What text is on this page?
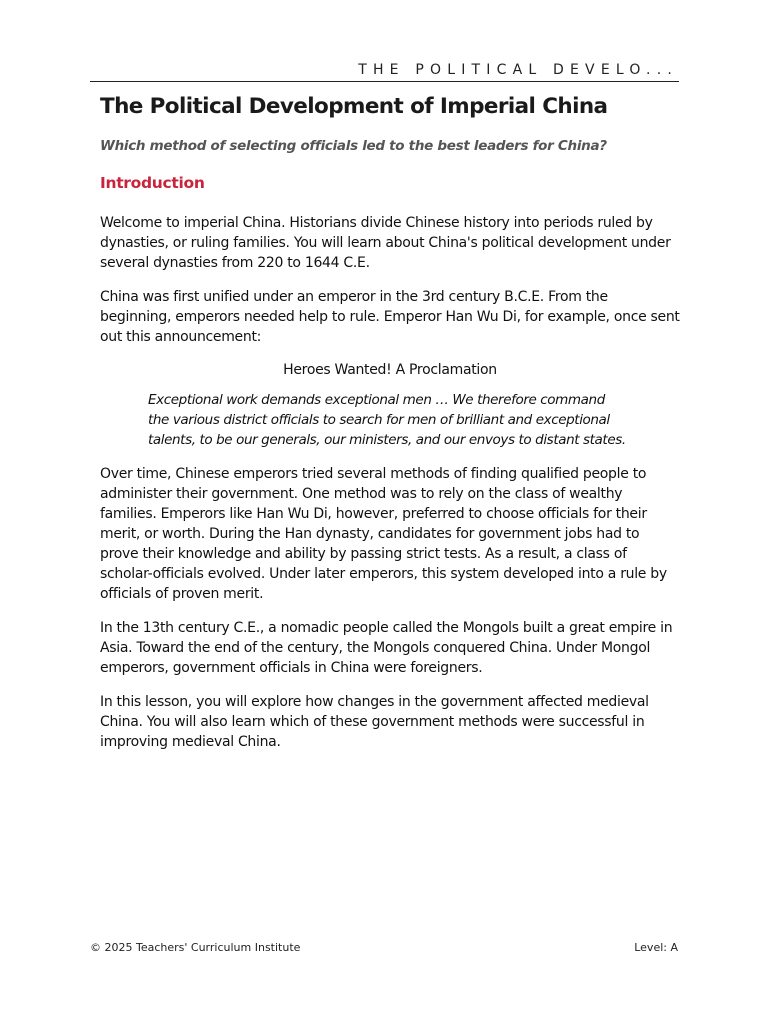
THE POLITICAL DEVELO...
The Political Development of Imperial China

Which method of selecting officials led to the best leaders for China?

Introduction

Welcome to imperial China. Historians divide Chinese history into periods ruled by dynasties, or ruling families. You will learn about China's political development under several dynasties from 220 to 1644 C.E.

China was first unified under an emperor in the 3rd century B.C.E. From the beginning, emperors needed help to rule. Emperor Han Wu Di, for example, once sent out this announcement:

Heroes Wanted! A Proclamation

Exceptional work demands exceptional men … We therefore command the various district officials to search for men of brilliant and exceptional talents, to be our generals, our ministers, and our envoys to distant states.

Over time, Chinese emperors tried several methods of finding qualified people to administer their government. One method was to rely on the class of wealthy families. Emperors like Han Wu Di, however, preferred to choose officials for their merit, or worth. During the Han dynasty, candidates for government jobs had to prove their knowledge and ability by passing strict tests. As a result, a class of scholar-officials evolved. Under later emperors, this system developed into a rule by officials of proven merit.

In the 13th century C.E., a nomadic people called the Mongols built a great empire in Asia. Toward the end of the century, the Mongols conquered China. Under Mongol emperors, government officials in China were foreigners.

In this lesson, you will explore how changes in the government affected medieval China. You will also learn which of these government methods were successful in improving medieval China.

© 2025 Teachers' Curriculum Institute	Level: A
